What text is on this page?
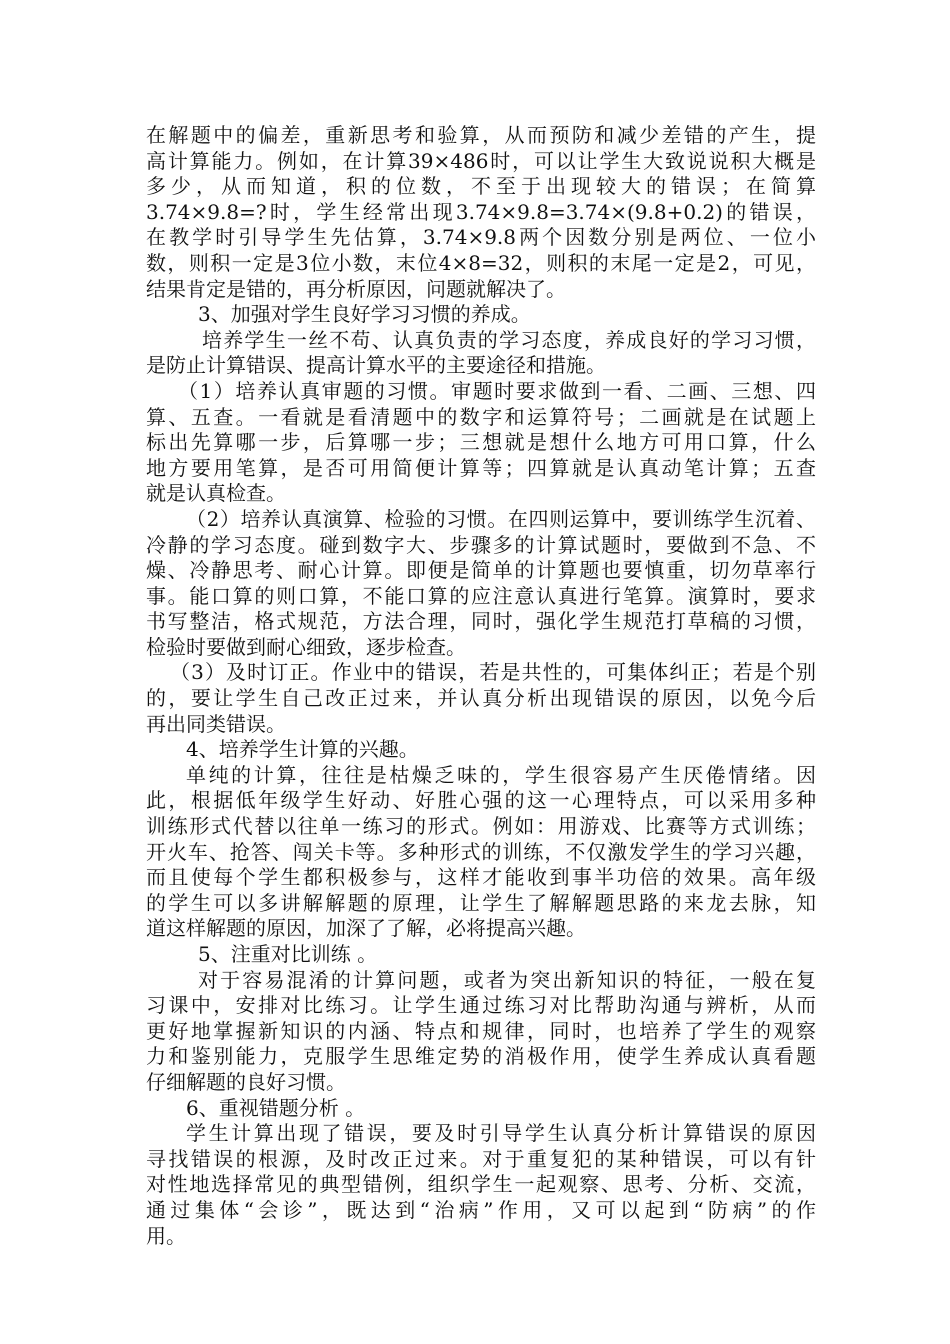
在解题中的偏差，重新思考和验算，从而预防和减少差错的产生，提
高计算能力。例如，在计算39×486时，可以让学生大致说说积大概是
多少，从而知道，积的位数，不至于出现较大的错误；在简算
3.74×9.8=?时，学生经常出现3.74×9.8=3.74×(9.8+0.2)的错误，
在教学时引导学生先估算，3.74×9.8两个因数分别是两位、一位小
数，则积一定是3位小数，末位4×8=32，则积的末尾一定是2，可见，
结果肯定是错的，再分析原因，问题就解决了。
3、加强对学生良好学习习惯的养成。
培养学生一丝不苟、认真负责的学习态度，养成良好的学习习惯，
是防止计算错误、提高计算水平的主要途径和措施。
（1）培养认真审题的习惯。审题时要求做到一看、二画、三想、四
算、五查。一看就是看清题中的数字和运算符号；二画就是在试题上
标出先算哪一步，后算哪一步；三想就是想什么地方可用口算，什么
地方要用笔算，是否可用简便计算等；四算就是认真动笔计算；五查
就是认真检查。
（2）培养认真演算、检验的习惯。在四则运算中，要训练学生沉着、
冷静的学习态度。碰到数字大、步骤多的计算试题时，要做到不急、不
燥、冷静思考、耐心计算。即便是简单的计算题也要慎重，切勿草率行
事。能口算的则口算，不能口算的应注意认真进行笔算。演算时，要求
书写整洁，格式规范，方法合理，同时，强化学生规范打草稿的习惯，
检验时要做到耐心细致，逐步检查。
（3）及时订正。作业中的错误，若是共性的，可集体纠正；若是个别
的，要让学生自己改正过来，并认真分析出现错误的原因，以免今后
再出同类错误。
4、培养学生计算的兴趣。
单纯的计算，往往是枯燥乏味的，学生很容易产生厌倦情绪。因
此，根据低年级学生好动、好胜心强的这一心理特点，可以采用多种
训练形式代替以往单一练习的形式。例如：用游戏、比赛等方式训练；
开火车、抢答、闯关卡等。多种形式的训练，不仅激发学生的学习兴趣，
而且使每个学生都积极参与，这样才能收到事半功倍的效果。高年级
的学生可以多讲解解题的原理，让学生了解解题思路的来龙去脉，知
道这样解题的原因，加深了了解，必将提高兴趣。
5、注重对比训练 。
对于容易混淆的计算问题，或者为突出新知识的特征，一般在复
习课中，安排对比练习。让学生通过练习对比帮助沟通与辨析，从而
更好地掌握新知识的内涵、特点和规律，同时，也培养了学生的观察
力和鉴别能力，克服学生思维定势的消极作用，使学生养成认真看题
仔细解题的良好习惯。
6、重视错题分析 。
学生计算出现了错误，要及时引导学生认真分析计算错误的原因
寻找错误的根源，及时改正过来。对于重复犯的某种错误，可以有针
对性地选择常见的典型错例，组织学生一起观察、思考、分析、交流，
通过集体“会诊”，既达到“治病”作用，又可以起到“防病”的作
用。
